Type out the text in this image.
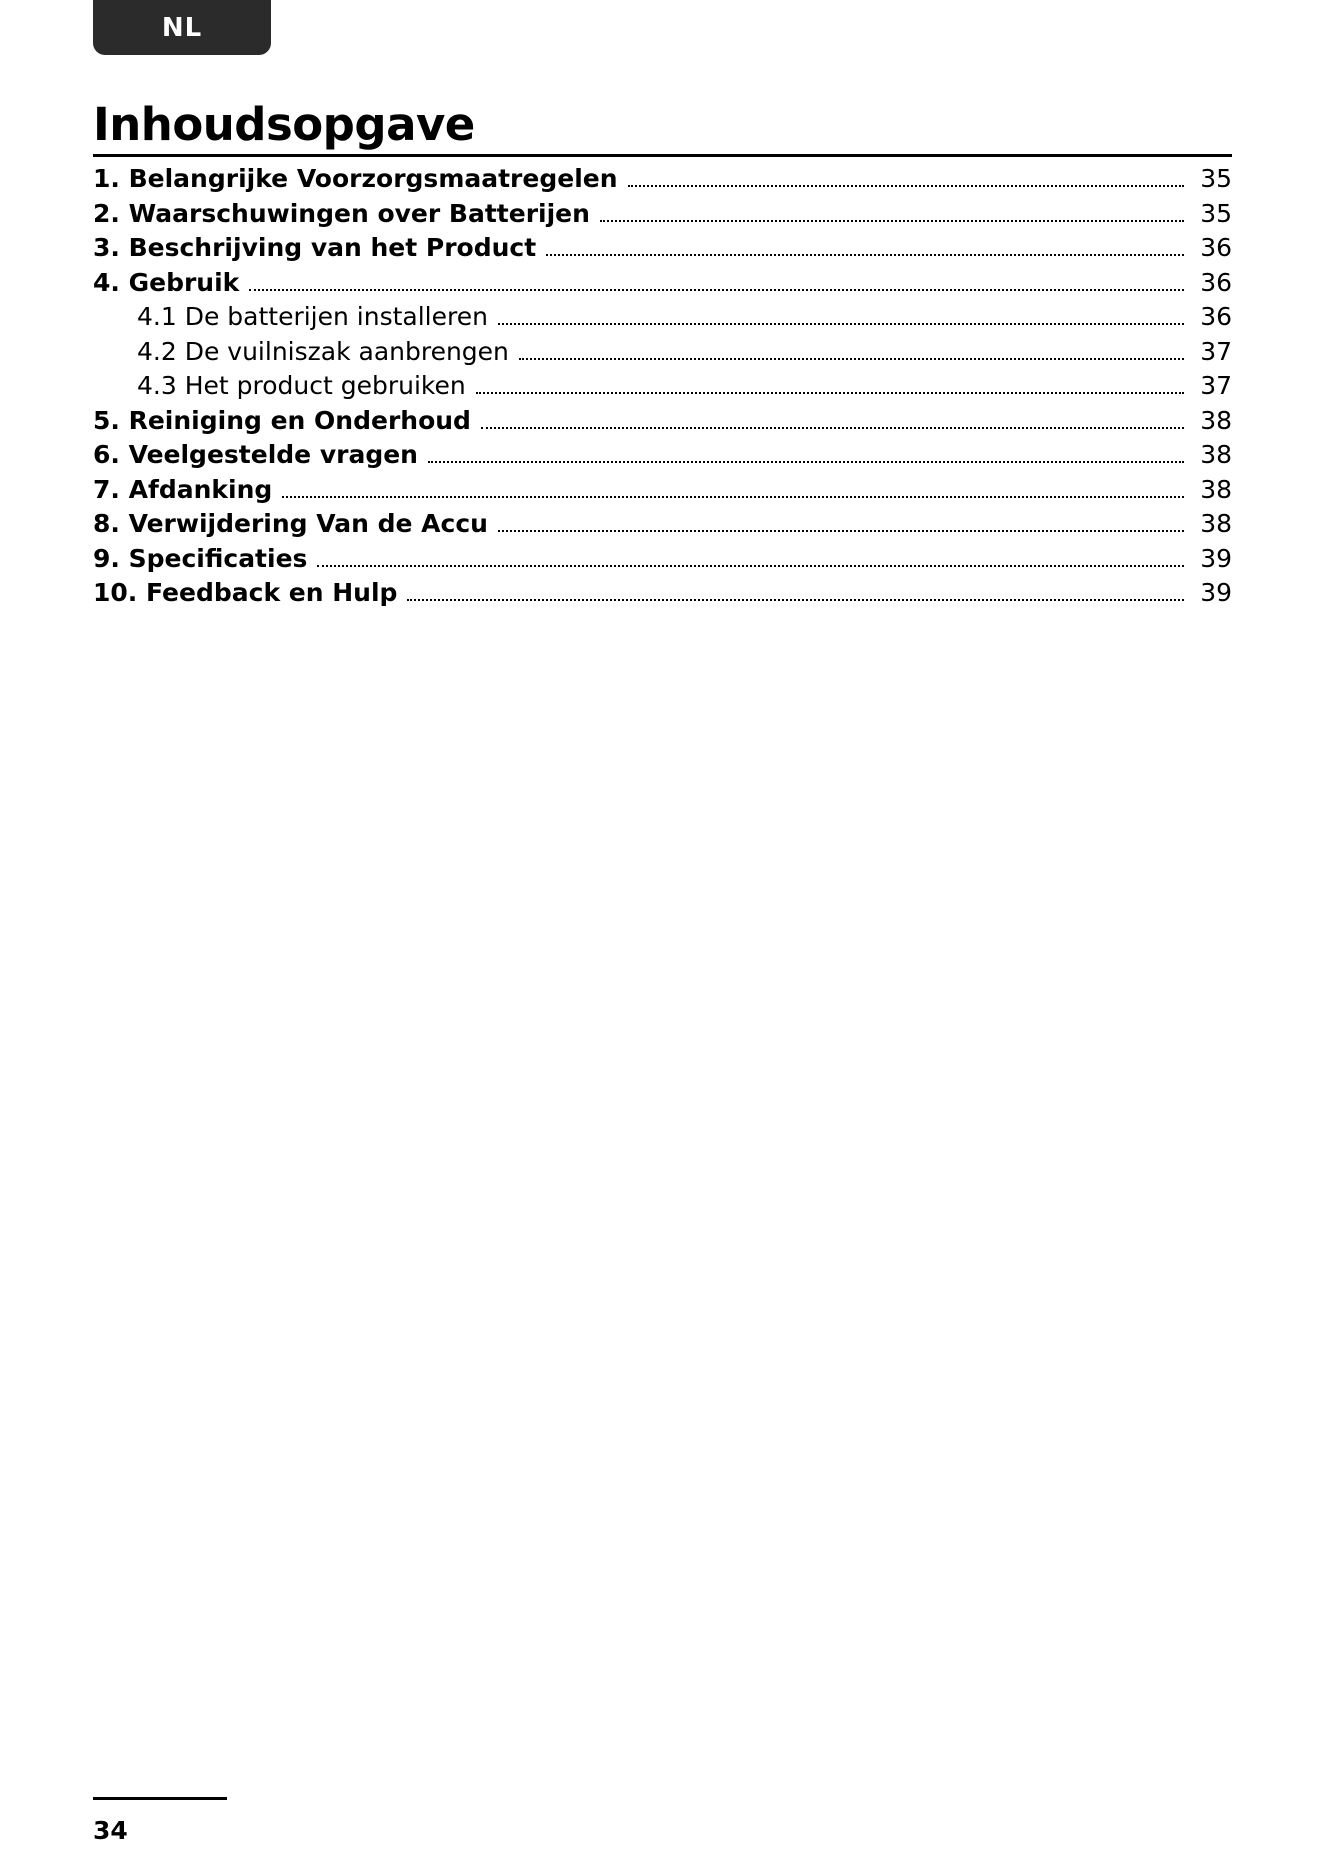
NL
Inhoudsopgave
1. Belangrijke Voorzorgsmaatregelen	35
2. Waarschuwingen over Batterijen	35
3. Beschrijving van het Product	36
4. Gebruik	36
4.1 De batterijen installeren	36
4.2 De vuilniszak aanbrengen	37
4.3 Het product gebruiken	37
5. Reiniging en Onderhoud	38
6. Veelgestelde vragen	38
7. Afdanking	38
8. Verwijdering Van de Accu	38
9. Specificaties	39
10. Feedback en Hulp	39
34
